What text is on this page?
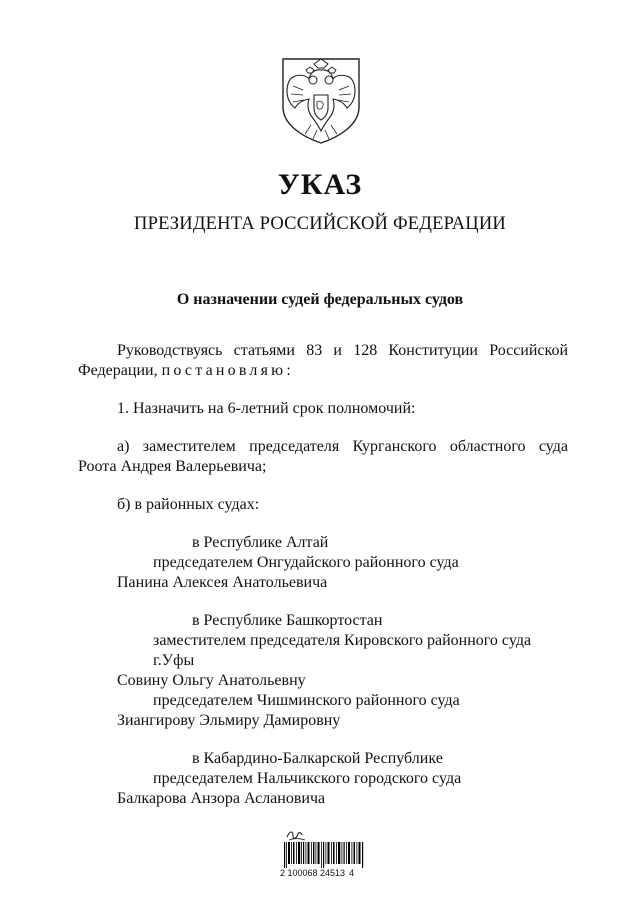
УКАЗ
ПРЕЗИДЕНТА РОССИЙСКОЙ ФЕДЕРАЦИИ
О назначении судей федеральных судов
Руководствуясь статьями 83 и 128 Конституции Российской
Федерации, постановляю:
1. Назначить на 6-летний срок полномочий:
а) заместителем председателя Курганского областного суда
Роота Андрея Валерьевича;
б) в районных судах:
в Республике Алтай
председателем Онгудайского районного суда
Панина Алексея Анатольевича
в Республике Башкортостан
заместителем председателя Кировского районного суда
г.Уфы
Совину Ольгу Анатольевну
председателем Чишминского районного суда
Зиангирову Эльмиру Дамировну
в Кабардино-Балкарской Республике
председателем Нальчикского городского суда
Балкарова Анзора Аслановича
2 100068 24513 4
